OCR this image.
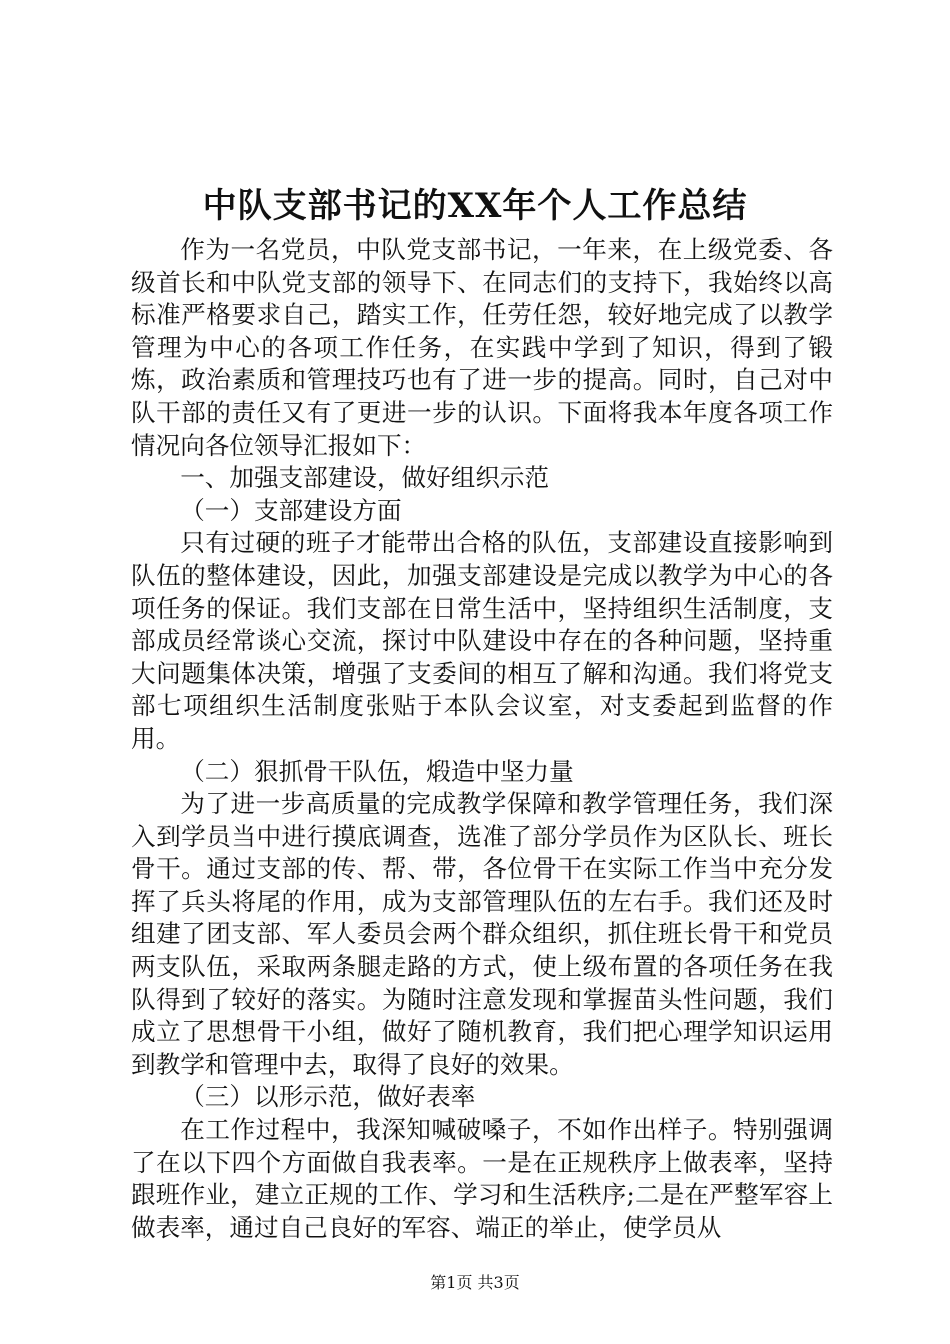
中队支部书记的XX年个人工作总结

作为一名党员，中队党支部书记，一年来，在上级党委、各级首长和中队党支部的领导下、在同志们的支持下，我始终以高标准严格要求自己，踏实工作，任劳任怨，较好地完成了以教学管理为中心的各项工作任务，在实践中学到了知识，得到了锻炼，政治素质和管理技巧也有了进一步的提高。同时，自己对中队干部的责任又有了更进一步的认识。下面将我本年度各项工作情况向各位领导汇报如下：

一、加强支部建设，做好组织示范

（一）支部建设方面

只有过硬的班子才能带出合格的队伍，支部建设直接影响到队伍的整体建设，因此，加强支部建设是完成以教学为中心的各项任务的保证。我们支部在日常生活中，坚持组织生活制度，支部成员经常谈心交流，探讨中队建设中存在的各种问题，坚持重大问题集体决策，增强了支委间的相互了解和沟通。我们将党支部七项组织生活制度张贴于本队会议室，对支委起到监督的作用。

（二）狠抓骨干队伍，煅造中坚力量

为了进一步高质量的完成教学保障和教学管理任务，我们深入到学员当中进行摸底调查，选准了部分学员作为区队长、班长骨干。通过支部的传、帮、带，各位骨干在实际工作当中充分发挥了兵头将尾的作用，成为支部管理队伍的左右手。我们还及时组建了团支部、军人委员会两个群众组织，抓住班长骨干和党员两支队伍，采取两条腿走路的方式，使上级布置的各项任务在我队得到了较好的落实。为随时注意发现和掌握苗头性问题，我们成立了思想骨干小组，做好了随机教育，我们把心理学知识运用到教学和管理中去，取得了良好的效果。

（三）以形示范，做好表率

在工作过程中，我深知喊破嗓子，不如作出样子。特别强调了在以下四个方面做自我表率。一是在正规秩序上做表率，坚持跟班作业，建立正规的工作、学习和生活秩序;二是在严整军容上做表率，通过自己良好的军容、端正的举止，使学员从

第1页 共3页
